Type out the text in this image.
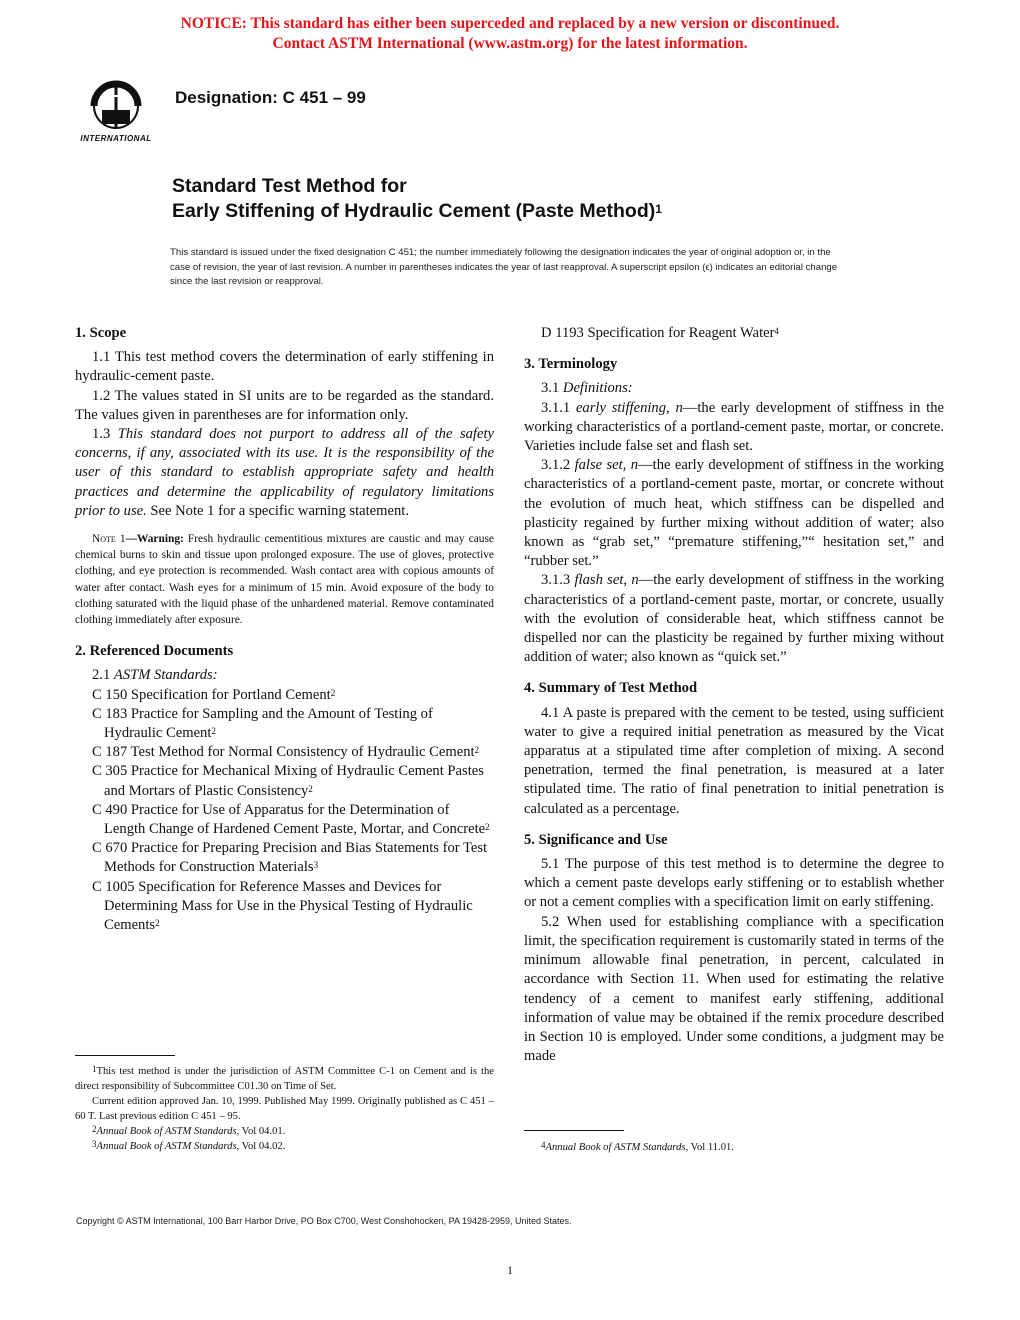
NOTICE: This standard has either been superceded and replaced by a new version or discontinued.
Contact ASTM International (www.astm.org) for the latest information.
INTERNATIONAL
Designation: C 451 – 99
Standard Test Method for
Early Stiffening of Hydraulic Cement (Paste Method)$^1$
This standard is issued under the fixed designation C 451; the number immediately following the designation indicates the year of original adoption or, in the case of revision, the year of last revision. A number in parentheses indicates the year of last reapproval. A superscript epsilon (ϵ) indicates an editorial change since the last revision or reapproval.

1. Scope

1.1 This test method covers the determination of early stiffening in hydraulic-cement paste.

1.2 The values stated in SI units are to be regarded as the standard. The values given in parentheses are for information only.

1.3 This standard does not purport to address all of the safety concerns, if any, associated with its use. It is the responsibility of the user of this standard to establish appropriate safety and health practices and determine the applicability of regulatory limitations prior to use. See Note 1 for a specific warning statement.

Note 1—Warning: Fresh hydraulic cementitious mixtures are caustic and may cause chemical burns to skin and tissue upon prolonged exposure. The use of gloves, protective clothing, and eye protection is recommended. Wash contact area with copious amounts of water after contact. Wash eyes for a minimum of 15 min. Avoid exposure of the body to clothing saturated with the liquid phase of the unhardened material. Remove contaminated clothing immediately after exposure.

2. Referenced Documents

2.1 ASTM Standards:

C 150 Specification for Portland Cement$^2$

C 183 Practice for Sampling and the Amount of Testing of Hydraulic Cement$^2$

C 187 Test Method for Normal Consistency of Hydraulic Cement$^2$

C 305 Practice for Mechanical Mixing of Hydraulic Cement Pastes and Mortars of Plastic Consistency$^2$

C 490 Practice for Use of Apparatus for the Determination of Length Change of Hardened Cement Paste, Mortar, and Concrete$^2$

C 670 Practice for Preparing Precision and Bias Statements for Test Methods for Construction Materials$^3$

C 1005 Specification for Reference Masses and Devices for Determining Mass for Use in the Physical Testing of Hydraulic Cements$^2$

$^1$This test method is under the jurisdiction of ASTM Committee C-1 on Cement and is the direct responsibility of Subcommittee C01.30 on Time of Set.

Current edition approved Jan. 10, 1999. Published May 1999. Originally published as C 451 – 60 T. Last previous edition C 451 – 95.

$^2$Annual Book of ASTM Standards, Vol 04.01.

$^3$Annual Book of ASTM Standards, Vol 04.02.

D 1193 Specification for Reagent Water$^4$

3. Terminology

3.1 Definitions:

3.1.1 early stiffening, n—the early development of stiffness in the working characteristics of a portland-cement paste, mortar, or concrete. Varieties include false set and flash set.

3.1.2 false set, n—the early development of stiffness in the working characteristics of a portland-cement paste, mortar, or concrete without the evolution of much heat, which stiffness can be dispelled and plasticity regained by further mixing without addition of water; also known as “grab set,” “premature stiffening,”“ hesitation set,” and “rubber set.”

3.1.3 flash set, n—the early development of stiffness in the working characteristics of a portland-cement paste, mortar, or concrete, usually with the evolution of considerable heat, which stiffness cannot be dispelled nor can the plasticity be regained by further mixing without addition of water; also known as “quick set.”

4. Summary of Test Method

4.1 A paste is prepared with the cement to be tested, using sufficient water to give a required initial penetration as measured by the Vicat apparatus at a stipulated time after completion of mixing. A second penetration, termed the final penetration, is measured at a later stipulated time. The ratio of final penetration to initial penetration is calculated as a percentage.

5. Significance and Use

5.1 The purpose of this test method is to determine the degree to which a cement paste develops early stiffening or to establish whether or not a cement complies with a specification limit on early stiffening.

5.2 When used for establishing compliance with a specification limit, the specification requirement is customarily stated in terms of the minimum allowable final penetration, in percent, calculated in accordance with Section 11. When used for estimating the relative tendency of a cement to manifest early stiffening, additional information of value may be obtained if the remix procedure described in Section 10 is employed. Under some conditions, a judgment may be made

$^4$Annual Book of ASTM Standards, Vol 11.01.
Copyright © ASTM International, 100 Barr Harbor Drive, PO Box C700, West Conshohocken, PA 19428-2959, United States.
1
